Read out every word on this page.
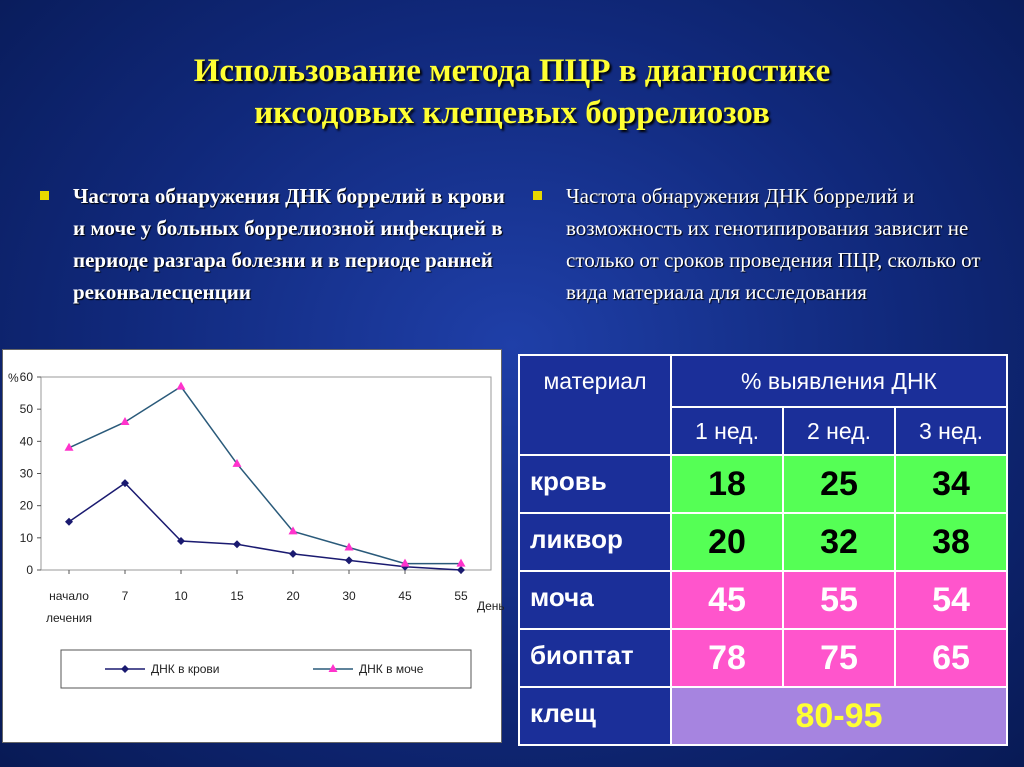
Использование метода ПЦР в диагностике
иксодовых клещевых боррелиозов
Частота обнаружения ДНК боррелий в крови и моче у больных боррелиозной инфекцией в периоде разгара болезни и в периоде ранней реконвалесценции
Частота обнаружения ДНК боррелий и возможность их генотипирования зависит не столько от сроков проведения ПЦР, сколько от вида материала для исследования
0
10
20
30
40
50
60
%
начало
лечения
7	10	15	20	30	45	55
День
ДНК в крови	ДНК в моче
материал	% выявления ДНК		
	1 нед.	2 нед.	3 нед.
кровь	18	25	34
ликвор	20	32	38
моча	45	55	54
биоптат	78	75	65
клещ	80-95		
